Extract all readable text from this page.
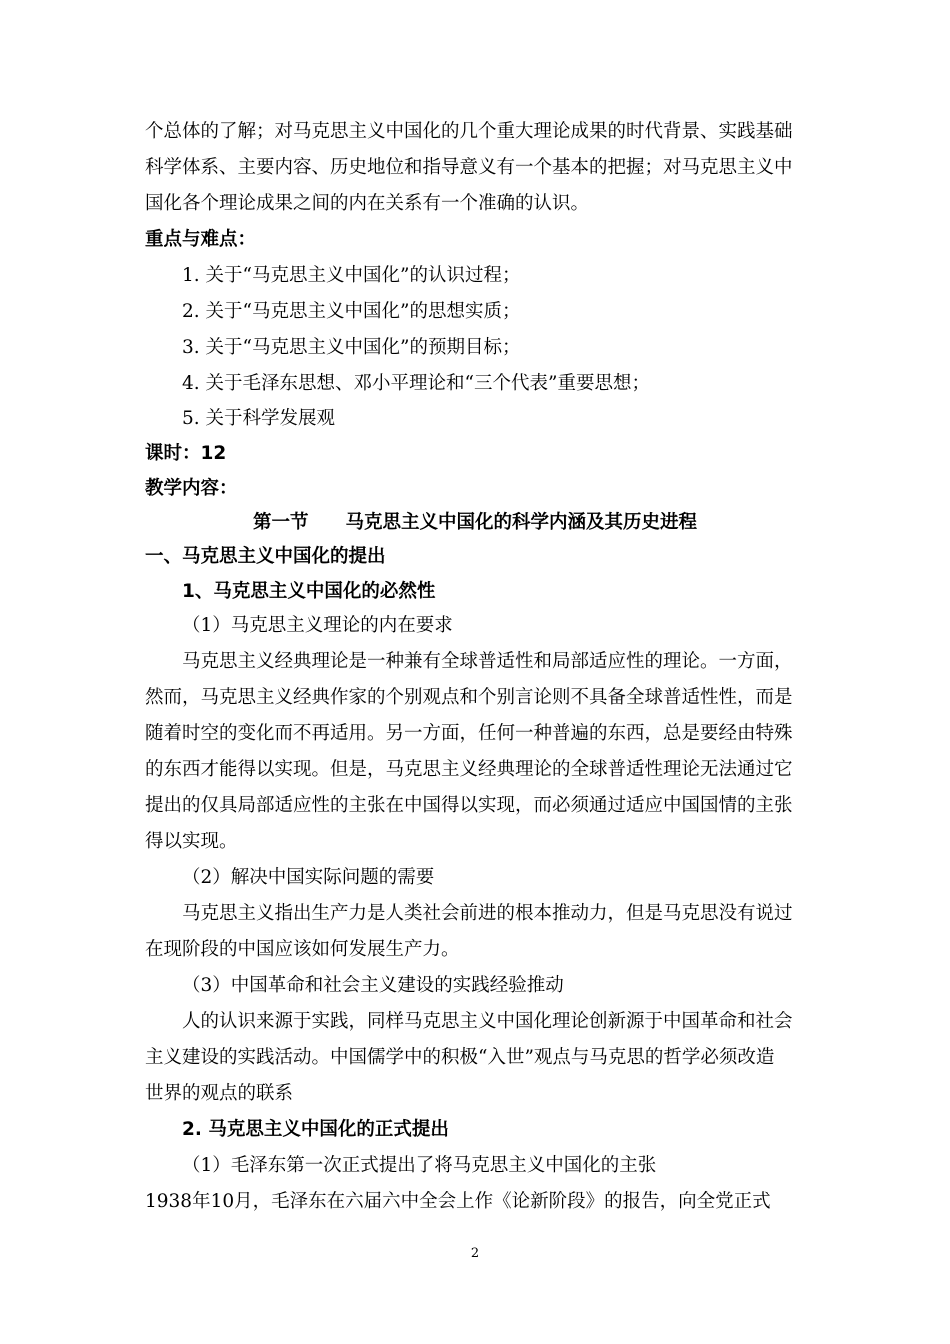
个总体的了解；对马克思主义中国化的几个重大理论成果的时代背景、实践基础
科学体系、主要内容、历史地位和指导意义有一个基本的把握；对马克思主义中
国化各个理论成果之间的内在关系有一个准确的认识。
重点与难点：
1. 关于“马克思主义中国化”的认识过程；
2. 关于“马克思主义中国化”的思想实质；
3. 关于“马克思主义中国化”的预期目标；
4. 关于毛泽东思想、邓小平理论和“三个代表”重要思想；
5. 关于科学发展观
课时：12
教学内容：
第一节　　马克思主义中国化的科学内涵及其历史进程
一、马克思主义中国化的提出
1、马克思主义中国化的必然性
（1）马克思主义理论的内在要求
马克思主义经典理论是一种兼有全球普适性和局部适应性的理论。一方面，
然而，马克思主义经典作家的个别观点和个别言论则不具备全球普适性性，而是
随着时空的变化而不再适用。另一方面，任何一种普遍的东西，总是要经由特殊
的东西才能得以实现。但是，马克思主义经典理论的全球普适性理论无法通过它
提出的仅具局部适应性的主张在中国得以实现，而必须通过适应中国国情的主张
得以实现。
（2）解决中国实际问题的需要
马克思主义指出生产力是人类社会前进的根本推动力，但是马克思没有说过
在现阶段的中国应该如何发展生产力。
（3）中国革命和社会主义建设的实践经验推动
人的认识来源于实践，同样马克思主义中国化理论创新源于中国革命和社会
主义建设的实践活动。中国儒学中的积极“入世”观点与马克思的哲学必须改造
世界的观点的联系
2. 马克思主义中国化的正式提出
（1）毛泽东第一次正式提出了将马克思主义中国化的主张
1938年10月，毛泽东在六届六中全会上作《论新阶段》的报告，向全党正式
2
